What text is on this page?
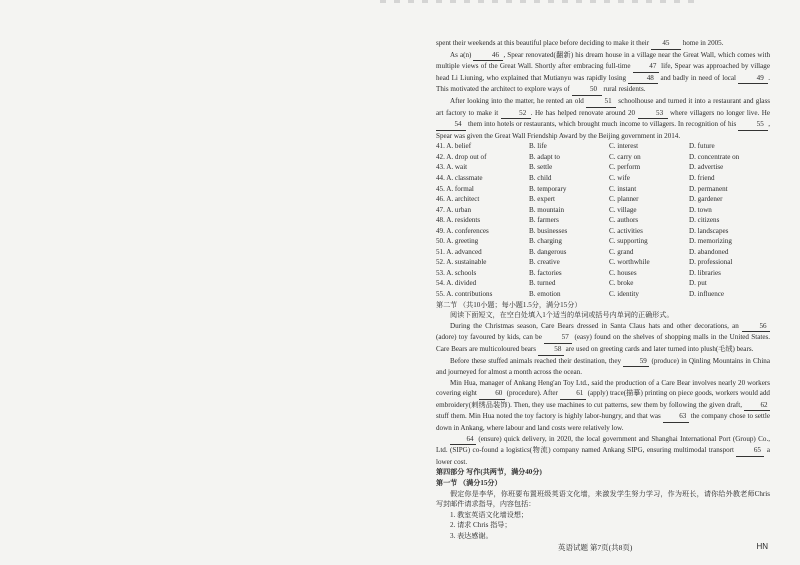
spent their weekends at this beautiful place before deciding to make it their 45 home in 2005.

As a(n)	46 , Spear renovated(翻新) his dream house in a village near the Great Wall, which comes with multiple views of the Great Wall. Shortly after embracing full-time	47 life, Spear was approached by village head Li Liuning, who explained that Mutianyu was rapidly losing	48 and badly in need of local	49 . This motivated the architect to explore ways of	50 rural residents.

After looking into the matter, he rented an old	51 schoolhouse and turned it into a restaurant and glass art factory to make it	52 . He has helped renovate around 20	53 where villagers no longer live. He 54 them into hotels or restaurants, which brought much income to villagers. In recognition of his	55 , Spear was given the Great Wall Friendship Award by the Beijing government in 2014.

41. A. belief	B. life	C. interest	D. future
42. A. drop out of	B. adapt to	C. carry on	D. concentrate on
43. A. wait	B. settle	C. perform	D. advertise
44. A. classmate	B. child	C. wife	D. friend
45. A. formal	B. temporary	C. instant	D. permanent
46. A. architect	B. expert	C. planner	D. gardener
47. A. urban	B. mountain	C. village	D. town
48. A. residents	B. farmers	C. authors	D. citizens
49. A. conferences	B. businesses	C. activities	D. landscapes
50. A. greeting	B. charging	C. supporting	D. memorizing
51. A. advanced	B. dangerous	C. grand	D. abandoned
52. A. sustainable	B. creative	C. worthwhile	D. professional
53. A. schools	B. factories	C. houses	D. libraries
54. A. divided	B. turned	C. broke	D. put
55. A. contributions	B. emotion	C. identity	D. influence

第二节 （共10小题；每小题1.5分，满分15分）

阅读下面短文，在空白处填入1个适当的单词或括号内单词的正确形式。

During the Christmas season, Care Bears dressed in Santa Claus hats and other decorations, an	56 (adore) toy favoured by kids, can be	57 (easy) found on the shelves of shopping malls in the United States. Care Bears are multicoloured bears	58 are used on greeting cards and later turned into plush(毛绒) bears.

Before these stuffed animals reached their destination, they	59 (produce) in Qinling Mountains in China and journeyed for almost a month across the ocean.

Min Hua, manager of Ankang Heng'an Toy Ltd., said the production of a Care Bear involves nearly 20 workers covering eight	60 (procedure). After	61 (apply) trace(描摹) printing on piece goods, workers would add embroidery(刺绣品装饰). Then, they use machines to cut patterns, sew them by following the given draft,	62 stuff them. Min Hua noted the toy factory is highly labor-hungry, and that was	63 the company chose to settle down in Ankang, where labour and land costs were relatively low.

64 (ensure) quick delivery, in 2020, the local government and Shanghai International Port (Group) Co., Ltd. (SIPG) co-found a logistics(物流) company named Ankang SIPG, ensuring multimodal transport	65 a lower cost.

第四部分 写作(共两节，满分40分)

第一节 （满分15分）

假定你是李华，你班要布置班级英语文化墙，来激发学生努力学习，作为班长，请你给外教老师Chris写封邮件请求指导，内容包括：

1. 教室英语文化墙设想；

2. 请求 Chris 指导；

3. 表达感谢。

英语试题 第7页(共8页)	HN
